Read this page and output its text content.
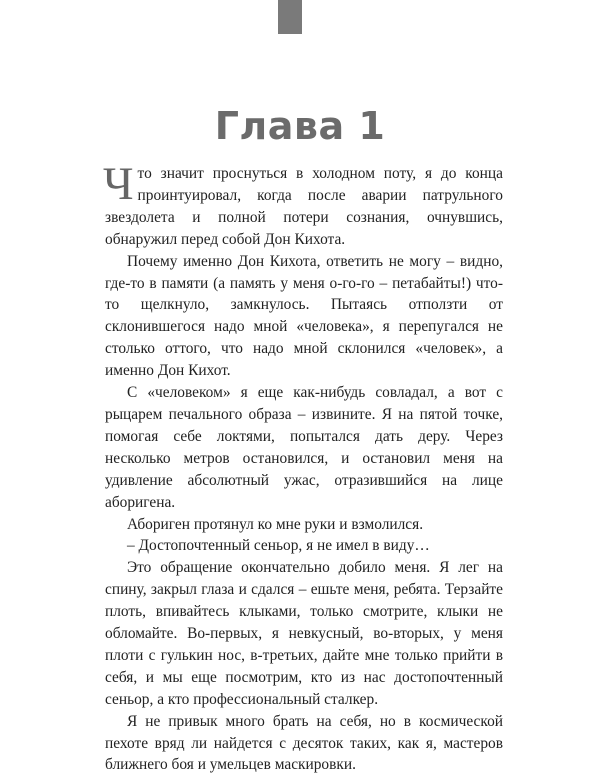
Глава 1

Что значит проснуться в холодном поту, я до конца проинтуировал, когда после аварии патрульного звездолета и полной потери сознания, очнувшись, обнаружил перед собой Дон Кихота.

Почему именно Дон Кихота, ответить не могу – видно, где-то в памяти (а память у меня о-го-го – петабайты!) что-то щелкнуло, замкнулось. Пытаясь отползти от склонившегося надо мной «человека», я перепугался не столько оттого, что надо мной склонился «человек», а именно Дон Кихот.

С «человеком» я еще как-нибудь совладал, а вот с рыцарем печального образа – извините. Я на пятой точке, помогая себе локтями, попытался дать деру. Через несколько метров остановился, и остановил меня на удивление абсолютный ужас, отразившийся на лице аборигена.

Абориген протянул ко мне руки и взмолился.

– Достопочтенный сеньор, я не имел в виду…

Это обращение окончательно добило меня. Я лег на спину, закрыл глаза и сдался – ешьте меня, ребята. Терзайте плоть, впивайтесь клыками, только смотрите, клыки не обломайте. Во-первых, я невкусный, во-вторых, у меня плоти с гулькин нос, в-третьих, дайте мне только прийти в себя, и мы еще посмотрим, кто из нас достопочтенный сеньор, а кто профессиональный сталкер.

Я не привык много брать на себя, но в космической пехоте вряд ли найдется с десяток таких, как я, мастеров ближнего боя и умельцев маскировки.
